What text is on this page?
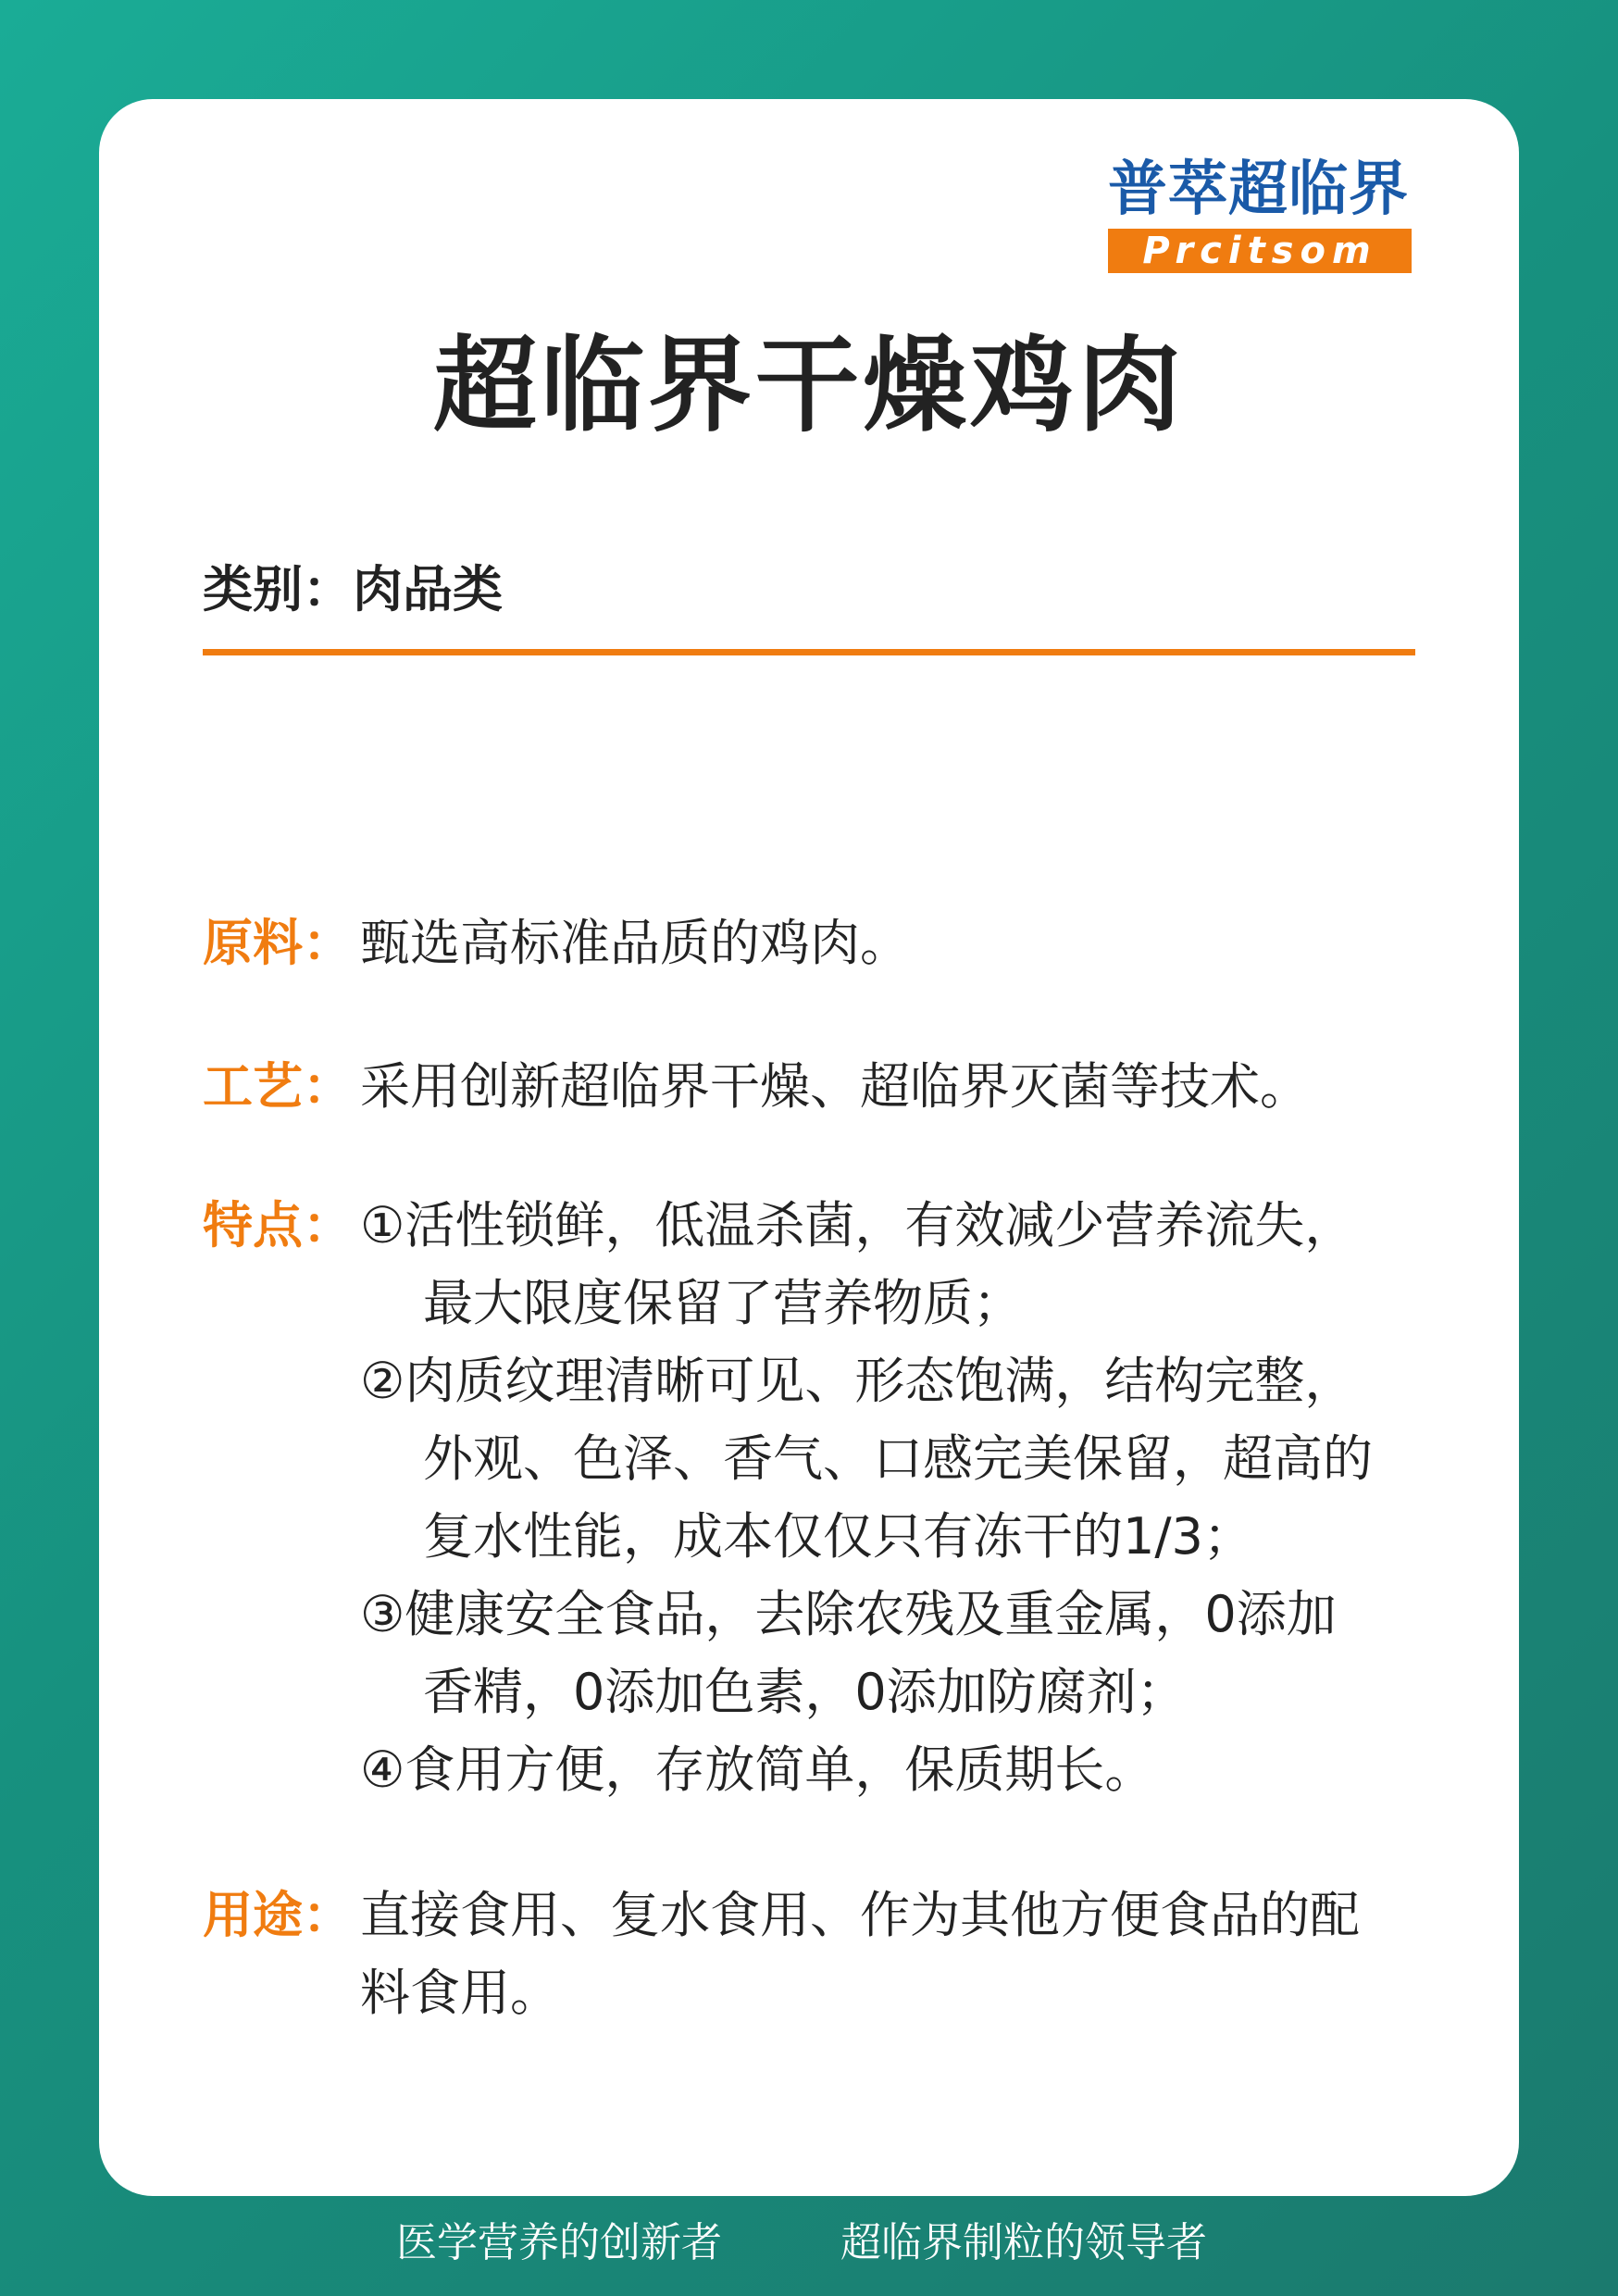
普萃超临界
Prcitsom
超临界干燥鸡肉
类别：肉品类
原料： 甄选高标准品质的鸡肉。
工艺： 采用创新超临界干燥、超临界灭菌等技术。
特点： ①活性锁鲜，低温杀菌，有效减少营养流失，
最大限度保留了营养物质；
②肉质纹理清晰可见、形态饱满，结构完整，
外观、色泽、香气、口感完美保留，超高的
复水性能，成本仅仅只有冻干的1/3；
③健康安全食品，去除农残及重金属，0添加
香精，0添加色素，0添加防腐剂；
④食用方便，存放简单，保质期长。
用途： 直接食用、复水食用、作为其他方便食品的配
料食用。
医学营养的创新者	超临界制粒的领导者
